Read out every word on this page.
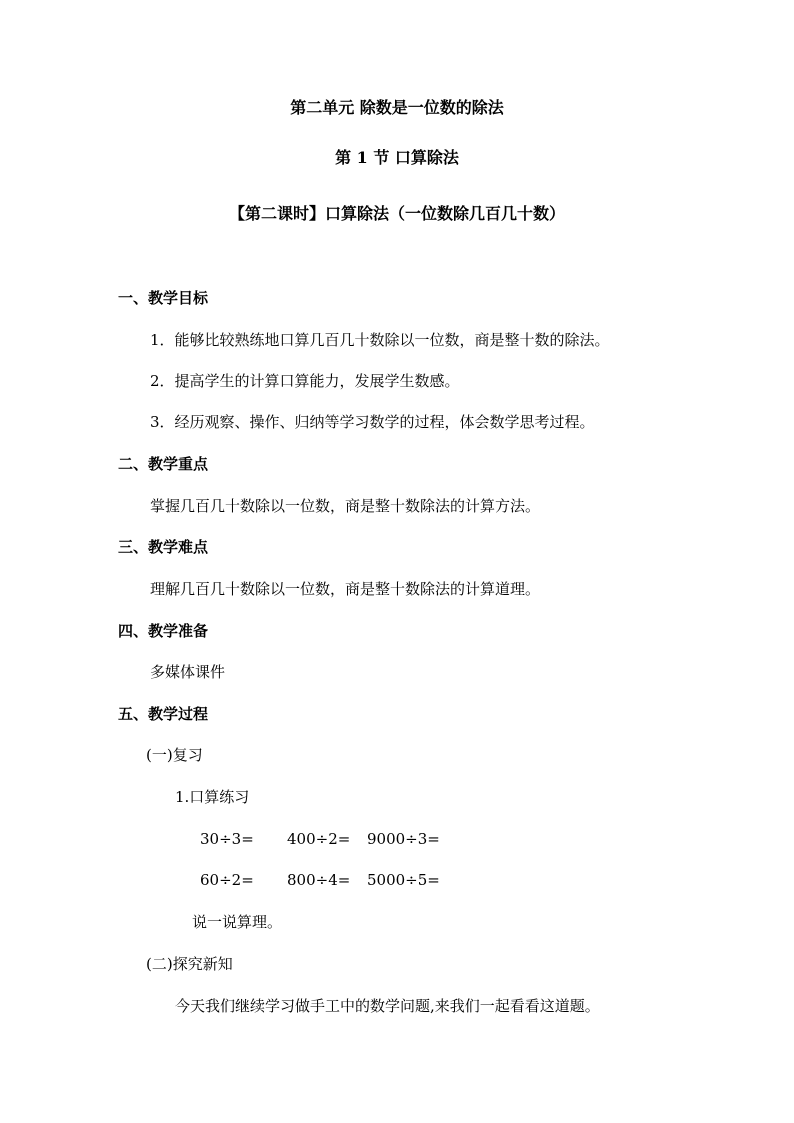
第二单元 除数是一位数的除法
第 1 节 口算除法
【第二课时】口算除法（一位数除几百几十数）
一、教学目标
1．能够比较熟练地口算几百几十数除以一位数，商是整十数的除法。
2．提高学生的计算口算能力，发展学生数感。
3．经历观察、操作、归纳等学习数学的过程，体会数学思考过程。
二、教学重点
掌握几百几十数除以一位数，商是整十数除法的计算方法。
三、教学难点
理解几百几十数除以一位数，商是整十数除法的计算道理。
四、教学准备
多媒体课件
五、教学过程
(一)复习
1.口算练习
30÷3= 400÷2= 9000÷3=
60÷2= 800÷4= 5000÷5=
说一说算理。
(二)探究新知
今天我们继续学习做手工中的数学问题,来我们一起看看这道题。
